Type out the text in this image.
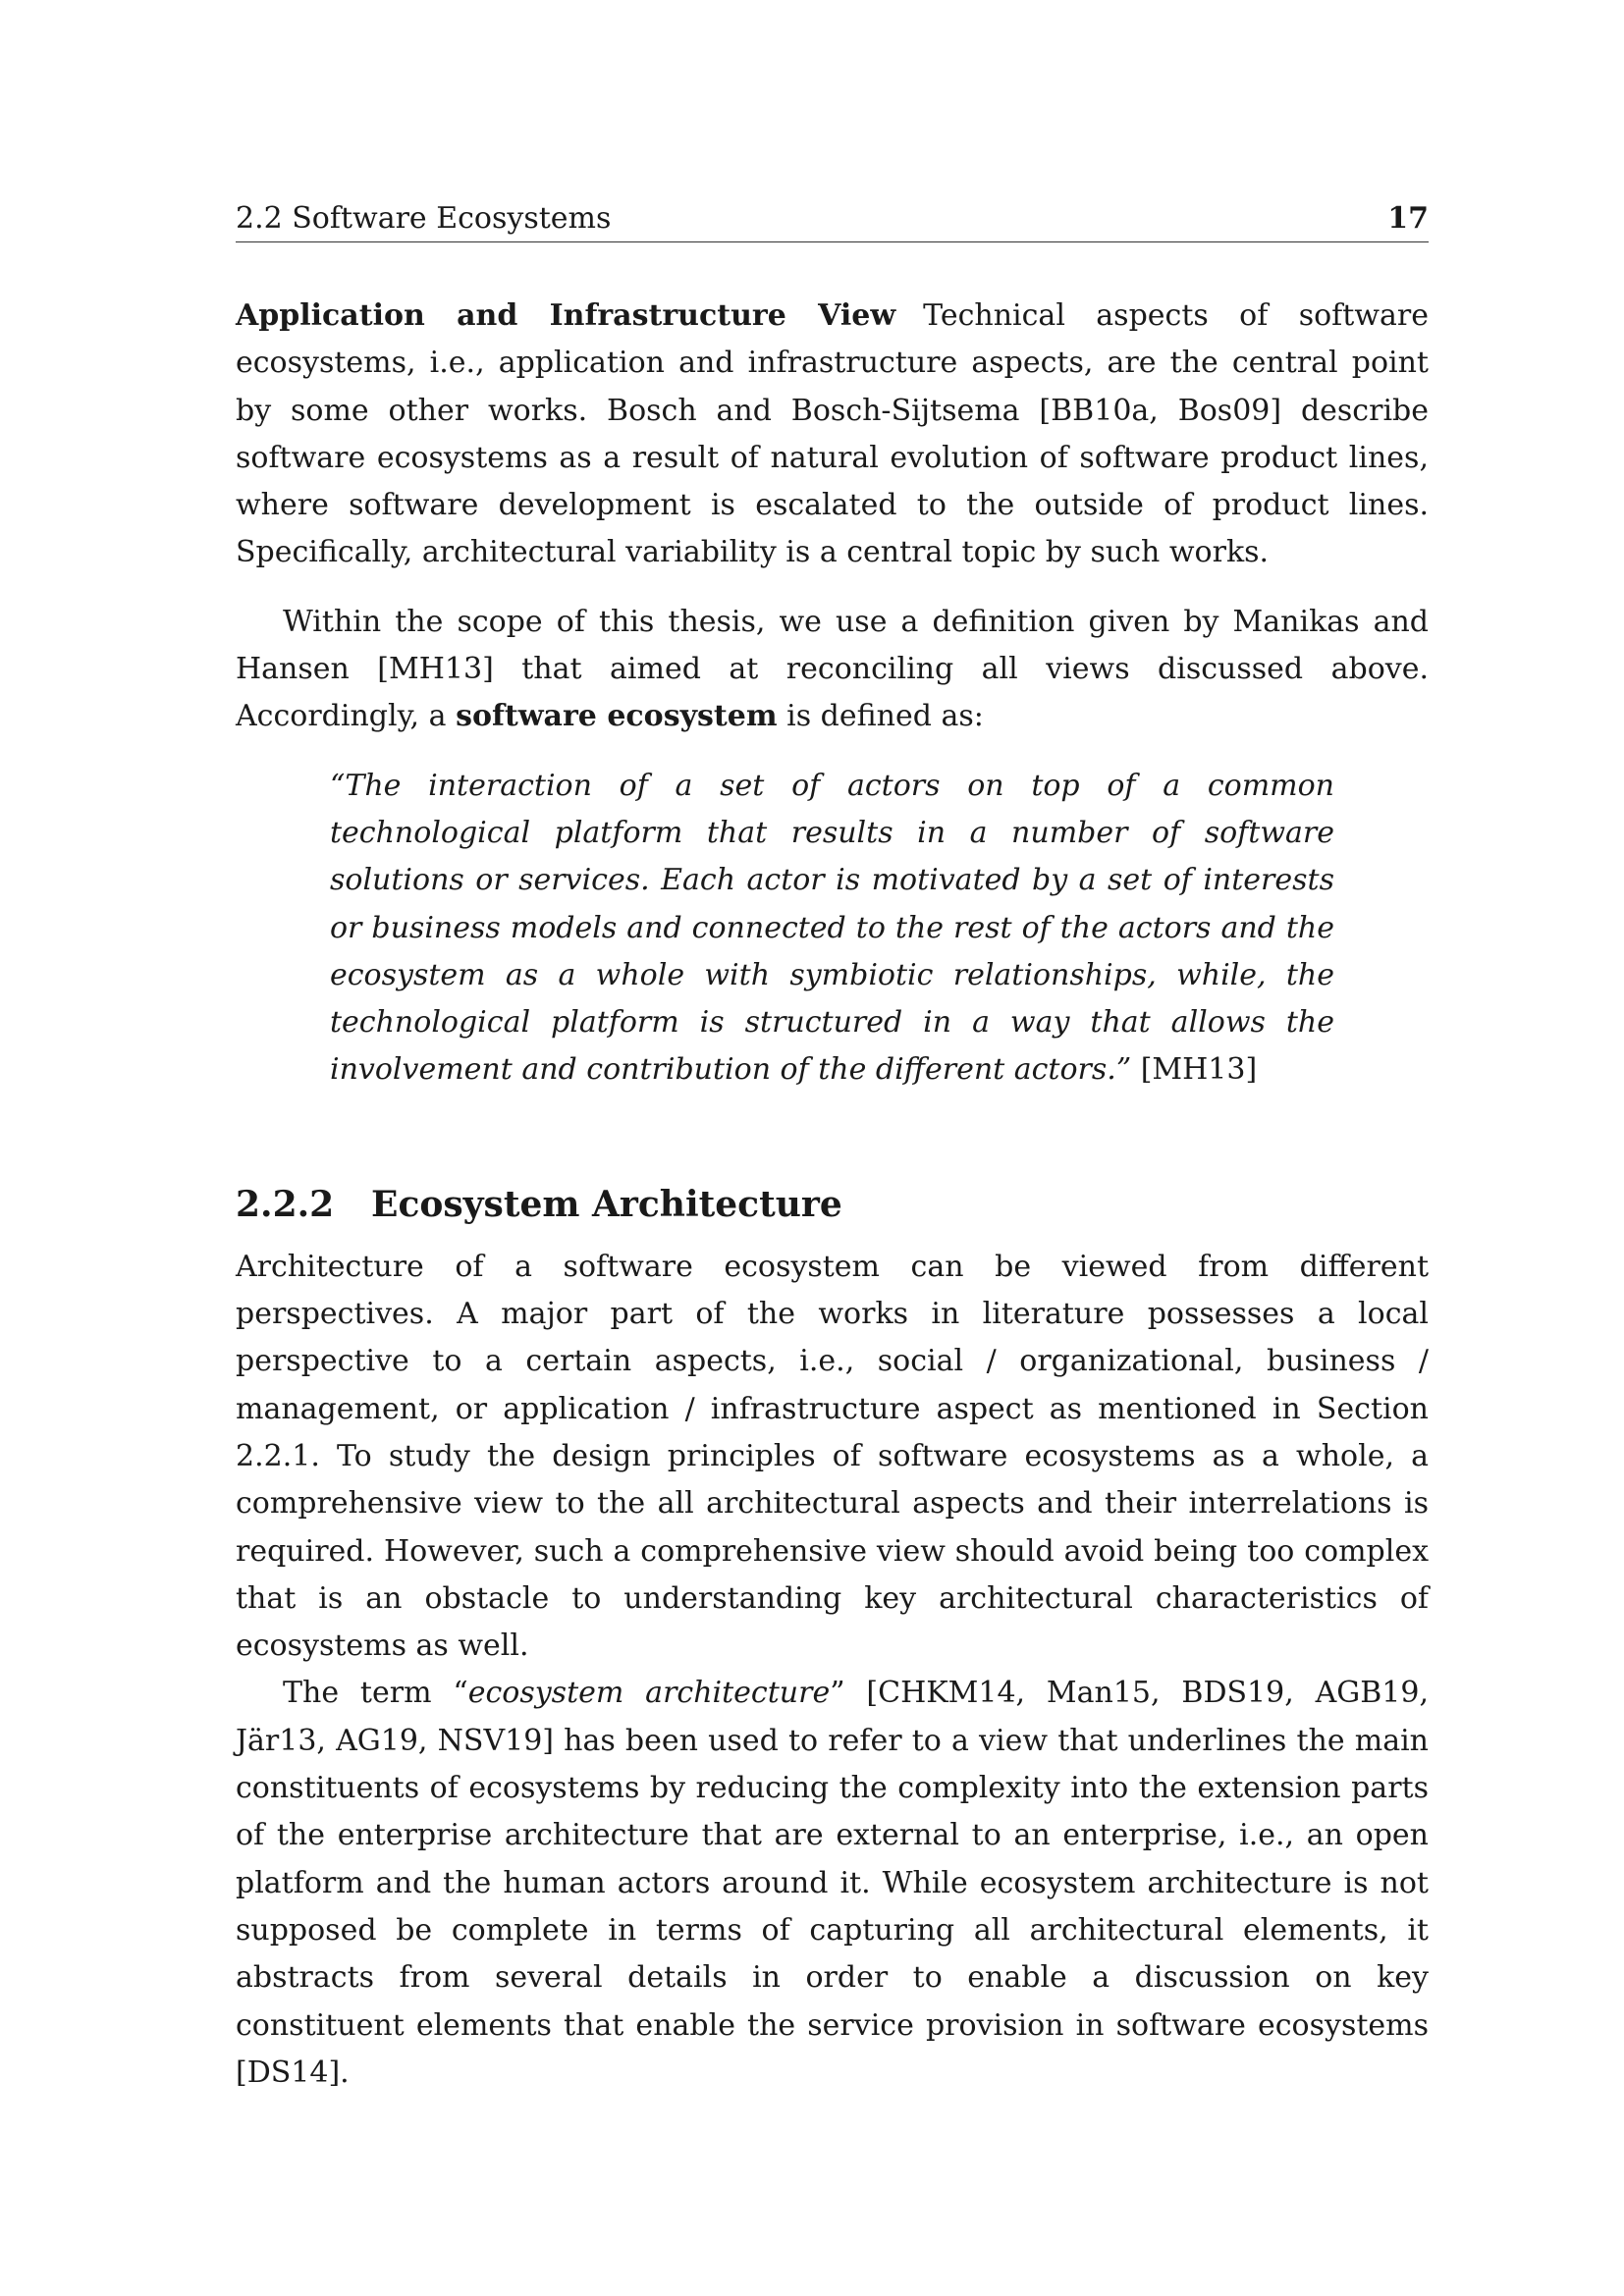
2.2 Software Ecosystems	17

Application and Infrastructure View Technical aspects of software ecosystems, i.e., application and infrastructure aspects, are the central point by some other works. Bosch and Bosch-Sijtsema [BB10a, Bos09] describe software ecosystems as a result of natural evolution of software product lines, where software development is escalated to the outside of product lines. Specifically, architectural variability is a central topic by such works.

Within the scope of this thesis, we use a definition given by Manikas and Hansen [MH13] that aimed at reconciling all views discussed above. Accordingly, a software ecosystem is defined as:

“The interaction of a set of actors on top of a common technological platform that results in a number of software solutions or services. Each actor is motivated by a set of interests or business models and connected to the rest of the actors and the ecosystem as a whole with symbiotic relationships, while, the technological platform is structured in a way that allows the involvement and contribution of the different actors.” [MH13]

2.2.2 Ecosystem Architecture

Architecture of a software ecosystem can be viewed from different perspectives. A major part of the works in literature possesses a local perspective to a certain aspects, i.e., social / organizational, business / management, or application / infrastructure aspect as mentioned in Section 2.2.1. To study the design principles of software ecosystems as a whole, a comprehensive view to the all architectural aspects and their interrelations is required. However, such a comprehensive view should avoid being too complex that is an obstacle to understanding key architectural characteristics of ecosystems as well.

The term “ecosystem architecture” [CHKM14, Man15, BDS19, AGB19, Jär13, AG19, NSV19] has been used to refer to a view that underlines the main constituents of ecosystems by reducing the complexity into the extension parts of the enterprise architecture that are external to an enterprise, i.e., an open platform and the human actors around it. While ecosystem architecture is not supposed be complete in terms of capturing all architectural elements, it abstracts from several details in order to enable a discussion on key constituent elements that enable the service provision in software ecosystems [DS14].
